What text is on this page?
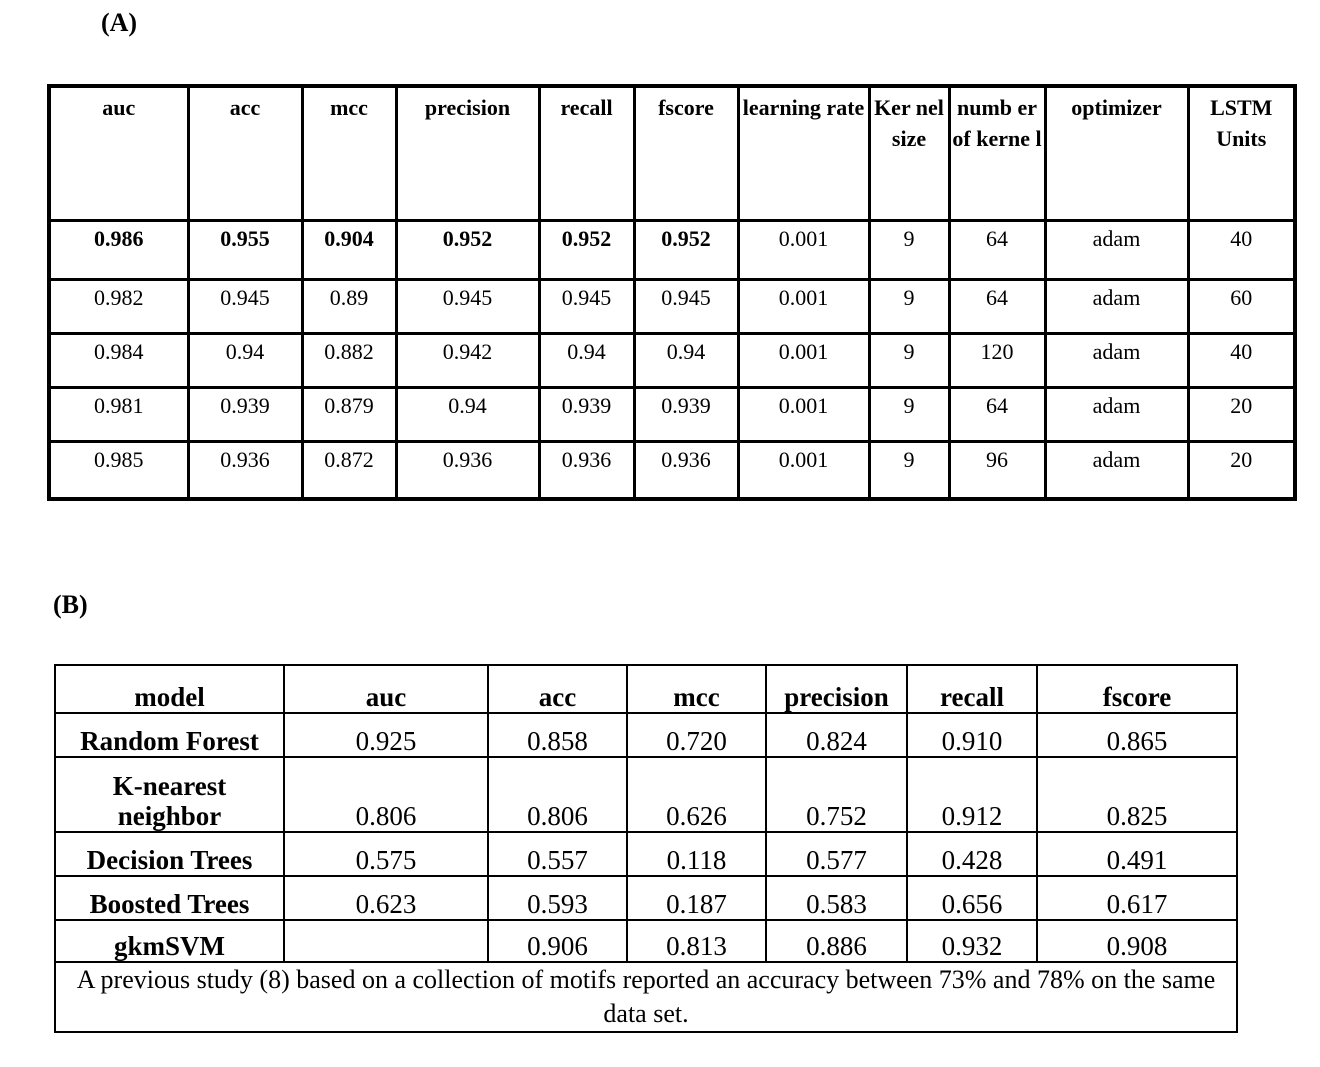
(A)
auc	acc	mcc	precision	recall	fscore	learning rate	Ker nel size	numb er of kerne l	optimizer	LSTM Units
0.986	0.955	0.904	0.952	0.952	0.952	0.001	9	64	adam	40
0.982	0.945	0.89	0.945	0.945	0.945	0.001	9	64	adam	60
0.984	0.94	0.882	0.942	0.94	0.94	0.001	9	120	adam	40
0.981	0.939	0.879	0.94	0.939	0.939	0.001	9	64	adam	20
0.985	0.936	0.872	0.936	0.936	0.936	0.001	9	96	adam	20
(B)
model	auc	acc	mcc	precision	recall	fscore
Random Forest	0.925	0.858	0.720	0.824	0.910	0.865
K-nearest neighbor	0.806	0.806	0.626	0.752	0.912	0.825
Decision Trees	0.575	0.557	0.118	0.577	0.428	0.491
Boosted Trees	0.623	0.593	0.187	0.583	0.656	0.617
gkmSVM		0.906	0.813	0.886	0.932	0.908
A previous study (8) based on a collection of motifs reported an accuracy between 73% and 78% on the same data set.						
